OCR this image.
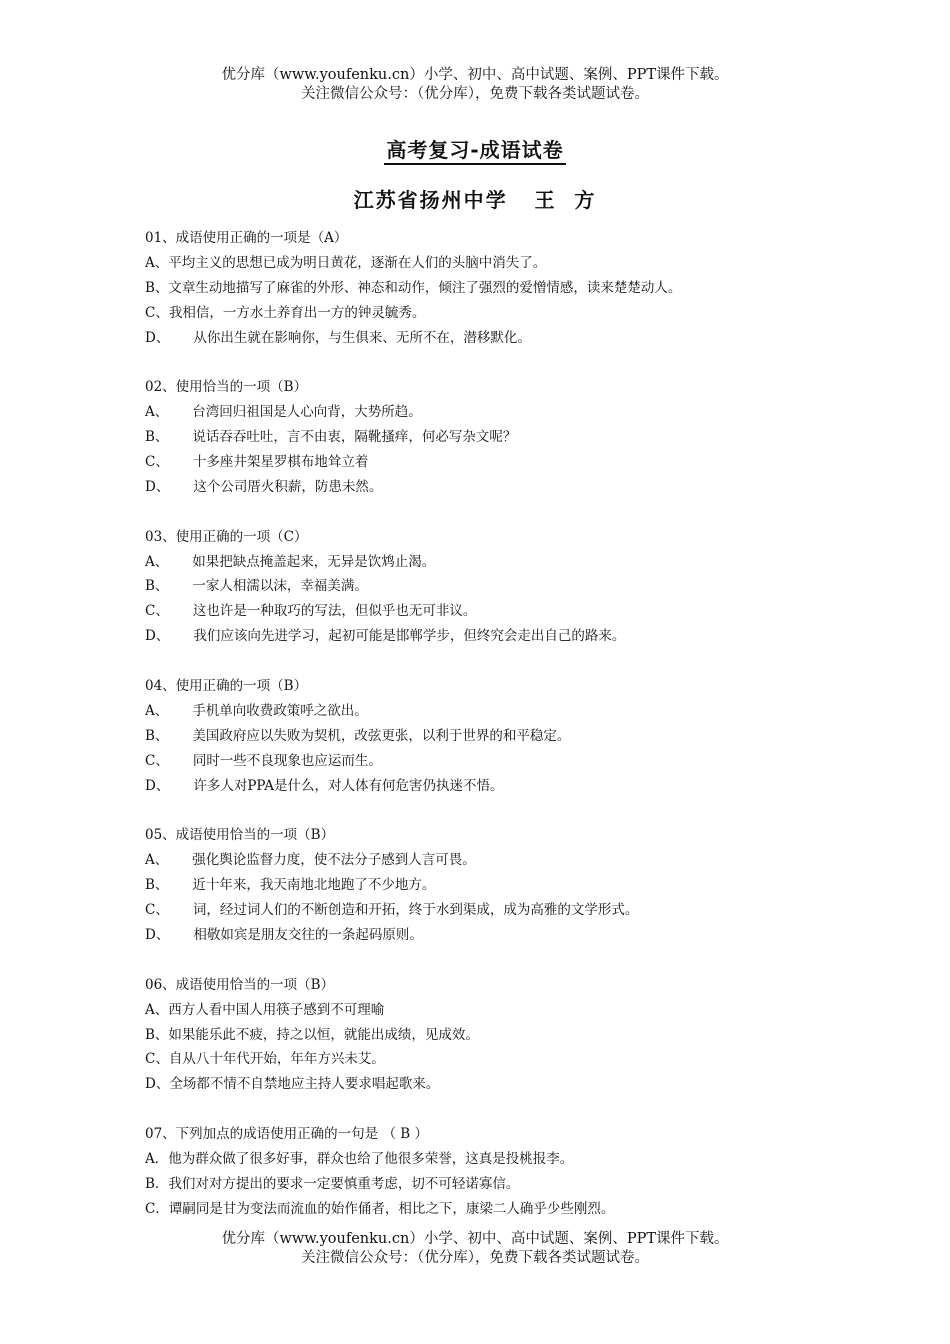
优分库（www.youfenku.cn）小学、初中、高中试题、案例、PPT课件下载。
关注微信公众号：（优分库），免费下载各类试题试卷。
高考复习-成语试卷
江苏省扬州中学   王  方
01、成语使用正确的一项是（A）
A、平均主义的思想已成为明日黄花，逐渐在人们的头脑中消失了。
B、文章生动地描写了麻雀的外形、神态和动作，倾注了强烈的爱憎情感，读来楚楚动人。
C、我相信，一方水土养育出一方的钟灵毓秀。
D、 从你出生就在影响你，与生俱来、无所不在，潜移默化。
02、使用恰当的一项（B）
A、 台湾回归祖国是人心向背，大势所趋。
B、 说话吞吞吐吐，言不由衷，隔靴搔痒，何必写杂文呢？
C、 十多座井架星罗棋布地耸立着
D、 这个公司厝火积薪，防患未然。
03、使用正确的一项（C）
A、 如果把缺点掩盖起来，无异是饮鸩止渴。
B、 一家人相濡以沫，幸福美满。
C、 这也许是一种取巧的写法，但似乎也无可非议。
D、 我们应该向先进学习，起初可能是邯郸学步，但终究会走出自己的路来。
04、使用正确的一项（B）
A、 手机单向收费政策呼之欲出。
B、 美国政府应以失败为契机，改弦更张，以利于世界的和平稳定。
C、 同时一些不良现象也应运而生。
D、 许多人对PPA是什么，对人体有何危害仍执迷不悟。
05、成语使用恰当的一项（B）
A、 强化舆论监督力度，使不法分子感到人言可畏。
B、 近十年来，我天南地北地跑了不少地方。
C、 词，经过词人们的不断创造和开拓，终于水到渠成，成为高雅的文学形式。
D、 相敬如宾是朋友交往的一条起码原则。
06、成语使用恰当的一项（B）
A、西方人看中国人用筷子感到不可理喻
B、如果能乐此不疲，持之以恒，就能出成绩，见成效。
C、自从八十年代开始，年年方兴未艾。
D、全场都不情不自禁地应主持人要求唱起歌来。
07、下列加点的成语使用正确的一句是 （ B ）
A．他为群众做了很多好事，群众也给了他很多荣誉，这真是投桃报李。
B．我们对对方提出的要求一定要慎重考虑，切不可轻诺寡信。
C．谭嗣同是甘为变法而流血的始作俑者，相比之下，康梁二人确乎少些刚烈。
优分库（www.youfenku.cn）小学、初中、高中试题、案例、PPT课件下载。
关注微信公众号：（优分库），免费下载各类试题试卷。
